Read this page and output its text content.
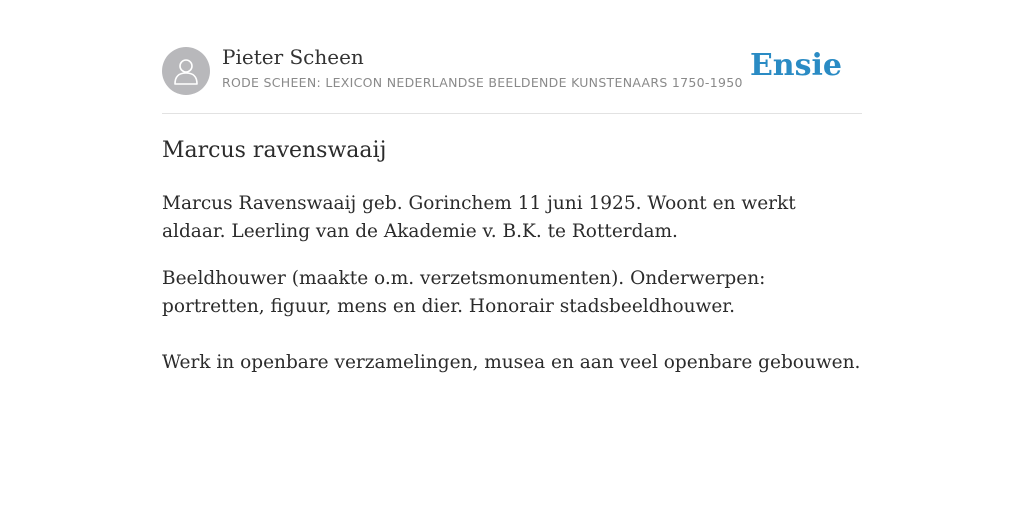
Pieter Scheen
RODE SCHEEN: LEXICON NEDERLANDSE BEELDENDE KUNSTENAARS 1750-1950 Ensie
Marcus ravenswaaij

Marcus Ravenswaaij geb. Gorinchem 11 juni 1925. Woont en werkt aldaar. Leerling van de Akademie v. B.K. te Rotterdam.

Beeldhouwer (maakte o.m. verzetsmonumenten). Onderwerpen: portretten, figuur, mens en dier. Honorair stadsbeeldhouwer.

Werk in openbare verzamelingen, musea en aan veel openbare gebouwen.
